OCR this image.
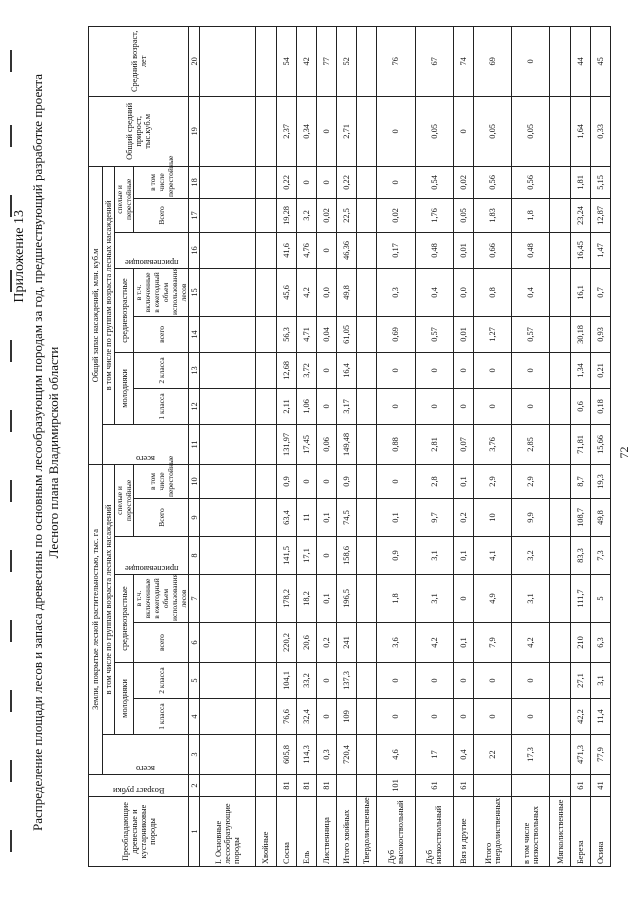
Приложение 13 Распределение площади лесов и запаса древесины по основным лесообразующим породам за год, предшествующий разработке проекта Лесного плана Владимирской области
Преобладающие древесные и кустарниковые породы	Возраст рубки	Земли, покрытые лесной растительностью, тыс. га								Общий запас насаждений, млн. куб.м								Общий средний прирост, тыс.куб.м	Средний возраст, лет

		всего	в том числе по группам возраста лесных насаждений							всего	в том числе по группам возраста лесных насаждений								
			молодняки		средневозрастные		приспевающие	спелые и перестойные			молодняки		средневозрастные		приспевающие	спелые и перестойные			
			1 класса	2 класса	всего	в т.ч. включенные в ежегодный объем использования лесов		Всего	в том числе перестойные		1 класса	2 класса	всего	в т.ч. включенные в ежегодный объем использования лесов		Всего	в том числе перестойные		

1	2	3	4	5	6	7	8	9	10	11	12	13	14	15	16	17	18	19	20
I. Основные лесообразующие породы																			
Хвойные																			
Сосна	81	605,8	76,6	104,1	220,2	178,2	141,5	63,4	0,9	131,97	2,11	12,68	56,3	45,6	41,6	19,28	0,22	2,37	54
Ель	81	114,3	32,4	33,2	20,6	18,2	17,1	11	0	17,45	1,06	3,72	4,71	4,2	4,76	3,2	0	0,34	42
Лиственница	81	0,3	0	0	0,2	0,1	0	0,1	0	0,06	0	0	0,04	0,0	0	0,02	0	0	77
Итого хвойных		720,4	109	137,3	241	196,5	158,6	74,5	0,9	149,48	3,17	16,4	61,05	49,8	46,36	22,5	0,22	2,71	52
Твердолиственные																			
Дуб высокоствольный	101	4,6	0	0	3,6	1,8	0,9	0,1	0	0,88	0	0	0,69	0,3	0,17	0,02	0	0	76
Дуб низкоствольный	61	17	0	0	4,2	3,1	3,1	9,7	2,8	2,81	0	0	0,57	0,4	0,48	1,76	0,54	0,05	67
Вяз и другие	61	0,4	0	0	0,1	0	0,1	0,2	0,1	0,07	0	0	0,01	0,0	0,01	0,05	0,02	0	74
Итого твердолиственных		22	0	0	7,9	4,9	4,1	10	2,9	3,76	0	0	1,27	0,8	0,66	1,83	0,56	0,05	69
в том числе низкоствольных		17,3	0	0	4,2	3,1	3,2	9,9	2,9	2,85	0	0	0,57	0,4	0,48	1,8	0,56	0,05	0
Мягколиственные																			
Береза	61	471,3	42,2	27,1	210	111,7	83,3	108,7	8,7	71,81	0,6	1,34	30,18	16,1	16,45	23,24	1,81	1,64	44
Осина	41	77,9	11,4	3,1	6,3	5	7,3	49,8	19,3	15,66	0,18	0,21	0,93	0,7	1,47	12,87	5,15	0,33	45
72
